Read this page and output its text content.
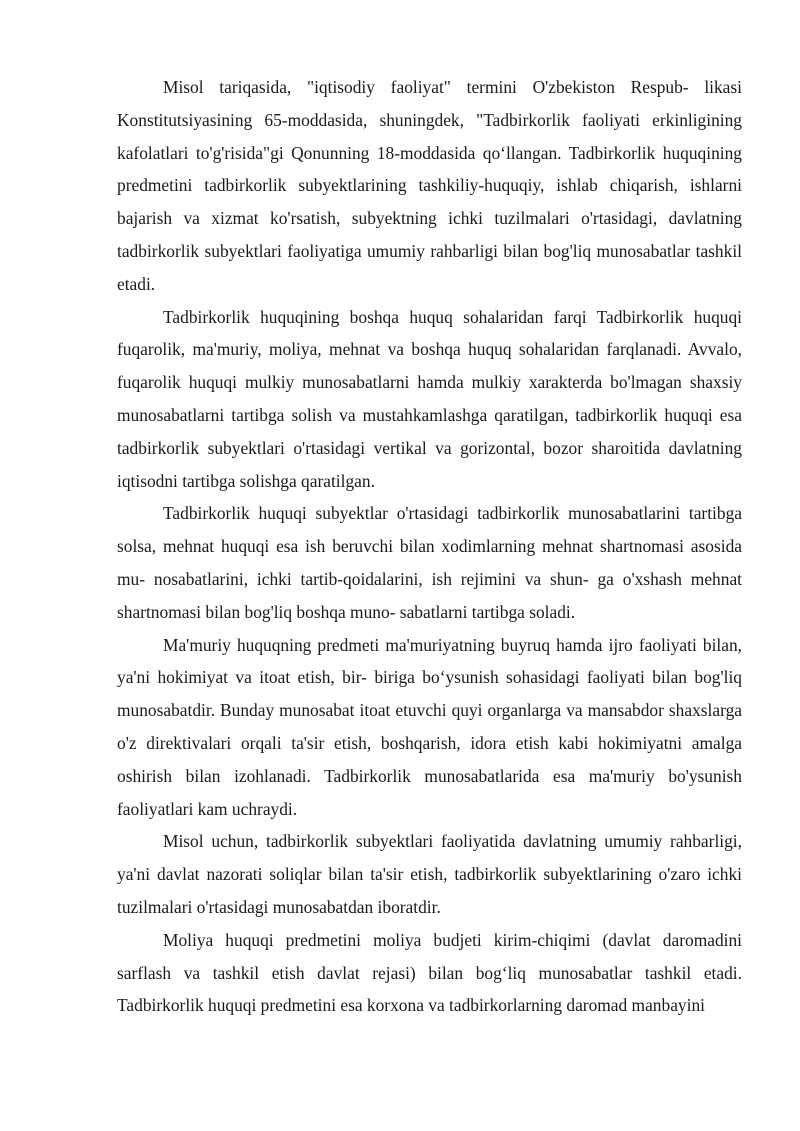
Misol tariqasida, "iqtisodiy faoliyat" termini O'zbekiston Respub- likasi Konstitutsiyasining 65-moddasida, shuningdek, "Tadbirkorlik faoliyati erkinligining kafolatlari to'g'risida"gi Qonunning 18-moddasida qo‘llangan. Tadbirkorlik huquqining predmetini tadbirkorlik subyektlarining tashkiliy-huquqiy, ishlab chiqarish, ishlarni bajarish va xizmat ko'rsatish, subyektning ichki tuzilmalari o'rtasidagi, davlatning tadbirkorlik subyektlari faoliyatiga umumiy rahbarligi bilan bog'liq munosabatlar tashkil etadi.

Tadbirkorlik huquqining boshqa huquq sohalaridan farqi Tadbirkorlik huquqi fuqarolik, ma'muriy, moliya, mehnat va boshqa huquq sohalaridan farqlanadi. Avvalo, fuqarolik huquqi mulkiy munosabatlarni hamda mulkiy xarakterda bo'lmagan shaxsiy munosabatlarni tartibga solish va mustahkamlashga qaratilgan, tadbirkorlik huquqi esa tadbirkorlik subyektlari o'rtasidagi vertikal va gorizontal, bozor sharoitida davlatning iqtisodni tartibga solishga qaratilgan.

Tadbirkorlik huquqi subyektlar o'rtasidagi tadbirkorlik munosabatlarini tartibga solsa, mehnat huquqi esa ish beruvchi bilan xodimlarning mehnat shartnomasi asosida mu- nosabatlarini, ichki tartib-qoidalarini, ish rejimini va shun- ga o'xshash mehnat shartnomasi bilan bog'liq boshqa muno- sabatlarni tartibga soladi.

Ma'muriy huquqning predmeti ma'muriyatning buyruq hamda ijro faoliyati bilan, ya'ni hokimiyat va itoat etish, bir- biriga bo‘ysunish sohasidagi faoliyati bilan bog'liq munosabatdir. Bunday munosabat itoat etuvchi quyi organlarga va mansabdor shaxslarga o'z direktivalari orqali ta'sir etish, boshqarish, idora etish kabi hokimiyatni amalga oshirish bilan izohlanadi. Tadbirkorlik munosabatlarida esa ma'muriy bo'ysunish faoliyatlari kam uchraydi.

Misol uchun, tadbirkorlik subyektlari faoliyatida davlatning umumiy rahbarligi, ya'ni davlat nazorati soliqlar bilan ta'sir etish, tadbirkorlik subyektlarining o'zaro ichki tuzilmalari o'rtasidagi munosabatdan iboratdir.

Moliya huquqi predmetini moliya budjeti kirim-chiqimi (davlat daromadini sarflash va tashkil etish davlat rejasi) bilan bog‘liq munosabatlar tashkil etadi. Tadbirkorlik huquqi predmetini esa korxona va tadbirkorlarning daromad manbayini
